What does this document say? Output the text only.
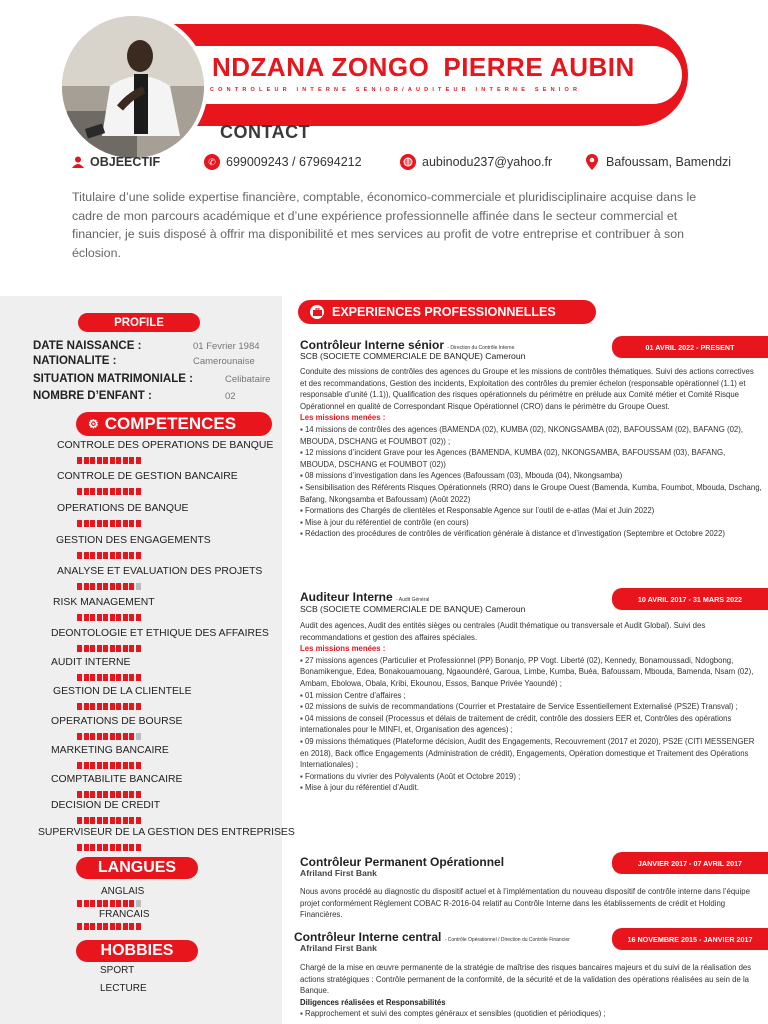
NDZANA ZONGO PIERRE AUBIN
CONTROLEUR INTERNE SENIOR/AUDITEUR INTERNE SENIOR
CONTACT
OBJEECTIF	✆ 699009243 / 679694212	aubinodu237@yahoo.fr	Bafoussam, Bamendzi
Titulaire d’une solide expertise financière, comptable, économico-commerciale et pluridisciplinaire acquise dans le cadre de mon parcours académique et d’une expérience professionnelle affinée dans le secteur commercial et financier, je suis disposé à offrir ma disponibilité et mes services au profit de votre entreprise et contribuer à son éclosion.
PROFILE
DATE NAISSANCE :	01 Fevrier 1984
NATIONALITE :	Camerounaise
SITUATION MATRIMONIALE :	Celibataire
NOMBRE D’ENFANT :	02
⚙ COMPETENCES
CONTROLE DES OPERATIONS DE BANQUE
CONTROLE DE GESTION BANCAIRE
OPERATIONS DE BANQUE
GESTION DES ENGAGEMENTS
ANALYSE ET EVALUATION DES PROJETS
RISK MANAGEMENT
DEONTOLOGIE ET ETHIQUE DES AFFAIRES
AUDIT INTERNE
GESTION DE LA CLIENTELE
OPERATIONS DE BOURSE
MARKETING BANCAIRE
COMPTABILITE BANCAIRE
DECISION DE CREDIT
SUPERVISEUR DE LA GESTION DES ENTREPRISES
LANGUES
ANGLAIS
FRANCAIS
HOBBIES
SPORT
LECTURE
EXPERIENCES PROFESSIONNELLES
Contrôleur Interne sénior - Direction du Contrôle Interne
SCB (SOCIETE COMMERCIALE DE BANQUE) Cameroun
01 AVRIL 2022 - PRESENT
Conduite des missions de contrôles des agences du Groupe et les missions de contrôles thématiques. Suivi des actions correctives et des recommandations, Gestion des incidents, Exploitation des contrôles du premier échelon (responsable opérationnel (1.1) et responsable d’unité (1.1)), Qualification des risques opérationnels du périmètre en prélude aux Comité métier et Comité Risque Opérationnel en qualité de Correspondant Risque Opérationnel (CRO) dans le périmètre du Groupe Ouest.
Les missions menées :
▪ 14 missions de contrôles des agences (BAMENDA (02), KUMBA (02), NKONGSAMBA (02), BAFOUSSAM (02), BAFANG (02), MBOUDA, DSCHANG et FOUMBOT (02)) ;
▪ 12 missions d’incident Grave pour les Agences (BAMENDA, KUMBA (02), NKONGSAMBA, BAFOUSSAM (03), BAFANG, MBOUDA, DSCHANG et FOUMBOT (02))
▪ 08 missions d’investigation dans les Agences (Bafoussam (03), Mbouda (04), Nkongsamba)
▪ Sensibilisation des Référents Risques Opérationnels (RRO) dans le Groupe Ouest (Bamenda, Kumba, Foumbot, Mbouda, Dschang, Bafang, Nkongsamba et Bafoussam) (Août 2022)
▪ Formations des Chargés de clientèles et Responsable Agence sur l’outil de e-atlas (Mai et Juin 2022)
▪ Mise à jour du référentiel de contrôle (en cours)
▪ Rédaction des procédures de contrôles de vérification générale à distance et d’investigation (Septembre et Octobre 2022)
Auditeur Interne - Audit Général
SCB (SOCIETE COMMERCIALE DE BANQUE) Cameroun
10 AVRIL 2017 - 31 MARS 2022
Audit des agences, Audit des entités sièges ou centrales (Audit thématique ou transversale et Audit Global). Suivi des recommandations et gestion des affaires spéciales.
Les missions menées :
▪ 27 missions agences (Particulier et Professionnel (PP) Bonanjo, PP Vogt. Liberté (02), Kennedy, Bonamoussadi, Ndogbong, Bonamikengue, Edea, Bonakouamouang, Ngaoundéré, Garoua, Limbe, Kumba, Buéa, Bafoussam, Mbouda, Bamenda, Nsam (02), Ambam, Ebolowa, Obala, Kribi, Ekounou, Essos, Banque Privée Yaoundé) ;
▪ 01 mission Centre d’affaires ;
▪ 02 missions de suivis de recommandations (Courrier et Prestataire de Service Essentiellement Externalisé (PS2E) Transval) ;
▪ 04 missions de conseil (Processus et délais de traitement de crédit, contrôle des dossiers EER et, Contrôles des opérations internationales pour le MINFI, et, Organisation des agences) ;
▪ 09 missions thématiques (Plateforme décision, Audit des Engagements, Recouvrement (2017 et 2020), PS2E (CITI MESSENGER en 2018), Back office Engagements (Administration de crédit), Engagements, Opération domestique et Traitement des Opérations Internationales) ;
▪ Formations du vivrier des Polyvalents (Août et Octobre 2019) ;
▪ Mise à jour du référentiel d’Audit.
Contrôleur Permanent Opérationnel
Afriland First Bank
JANVIER 2017 - 07 AVRIL 2017
Nous avons procédé au diagnostic du dispositif actuel et à l’implémentation du nouveau dispositif de contrôle interne dans l’équipe projet conformément Règlement COBAC R-2016-04 relatif au Contrôle Interne dans les établissements de crédit et Holding Financières.
Contrôleur Interne central - Contrôle Opérationnel / Direction du Contrôle Financier
Afriland First Bank
16 NOVEMBRE 2015 - JANVIER 2017
Chargé de la mise en œuvre permanente de la stratégie de maîtrise des risques bancaires majeurs et du suivi de la réalisation des actions stratégiques : Contrôle permanent de la conformité, de la sécurité et de la validation des opérations réalisées au sein de la Banque.
Diligences réalisées et Responsabilités
▪ Rapprochement et suivi des comptes généraux et sensibles (quotidien et périodiques) ;
